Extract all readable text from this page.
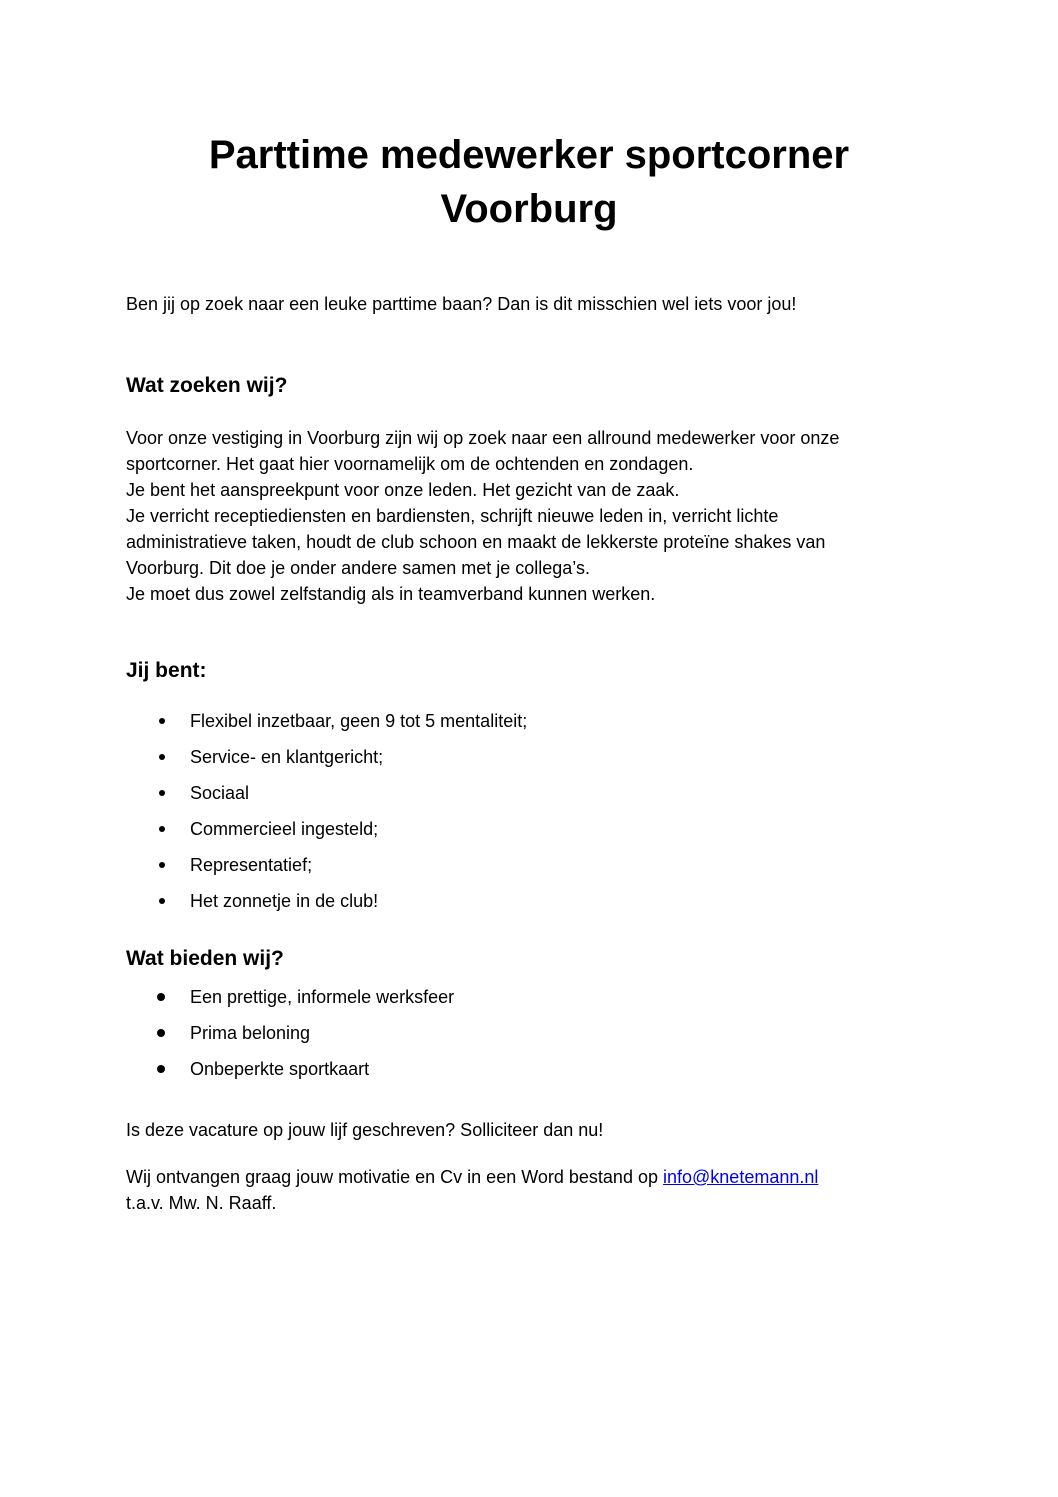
Parttime medewerker sportcorner
Voorburg

Ben jij op zoek naar een leuke parttime baan? Dan is dit misschien wel iets voor jou!

Wat zoeken wij?

Voor onze vestiging in Voorburg zijn wij op zoek naar een allround medewerker voor onze
sportcorner. Het gaat hier voornamelijk om de ochtenden en zondagen.
Je bent het aanspreekpunt voor onze leden. Het gezicht van de zaak.
Je verricht receptiediensten en bardiensten, schrijft nieuwe leden in, verricht lichte
administratieve taken, houdt de club schoon en maakt de lekkerste proteïne shakes van
Voorburg. Dit doe je onder andere samen met je collega’s.
Je moet dus zowel zelfstandig als in teamverband kunnen werken.

Jij bent:
Flexibel inzetbaar, geen 9 tot 5 mentaliteit;
Service- en klantgericht;
Sociaal
Commercieel ingesteld;
Representatief;
Het zonnetje in de club!
Wat bieden wij?
Een prettige, informele werksfeer
Prima beloning
Onbeperkte sportkaart

Is deze vacature op jouw lijf geschreven? Solliciteer dan nu!

Wij ontvangen graag jouw motivatie en Cv in een Word bestand op info@knetemann.nl
t.a.v. Mw. N. Raaff.
